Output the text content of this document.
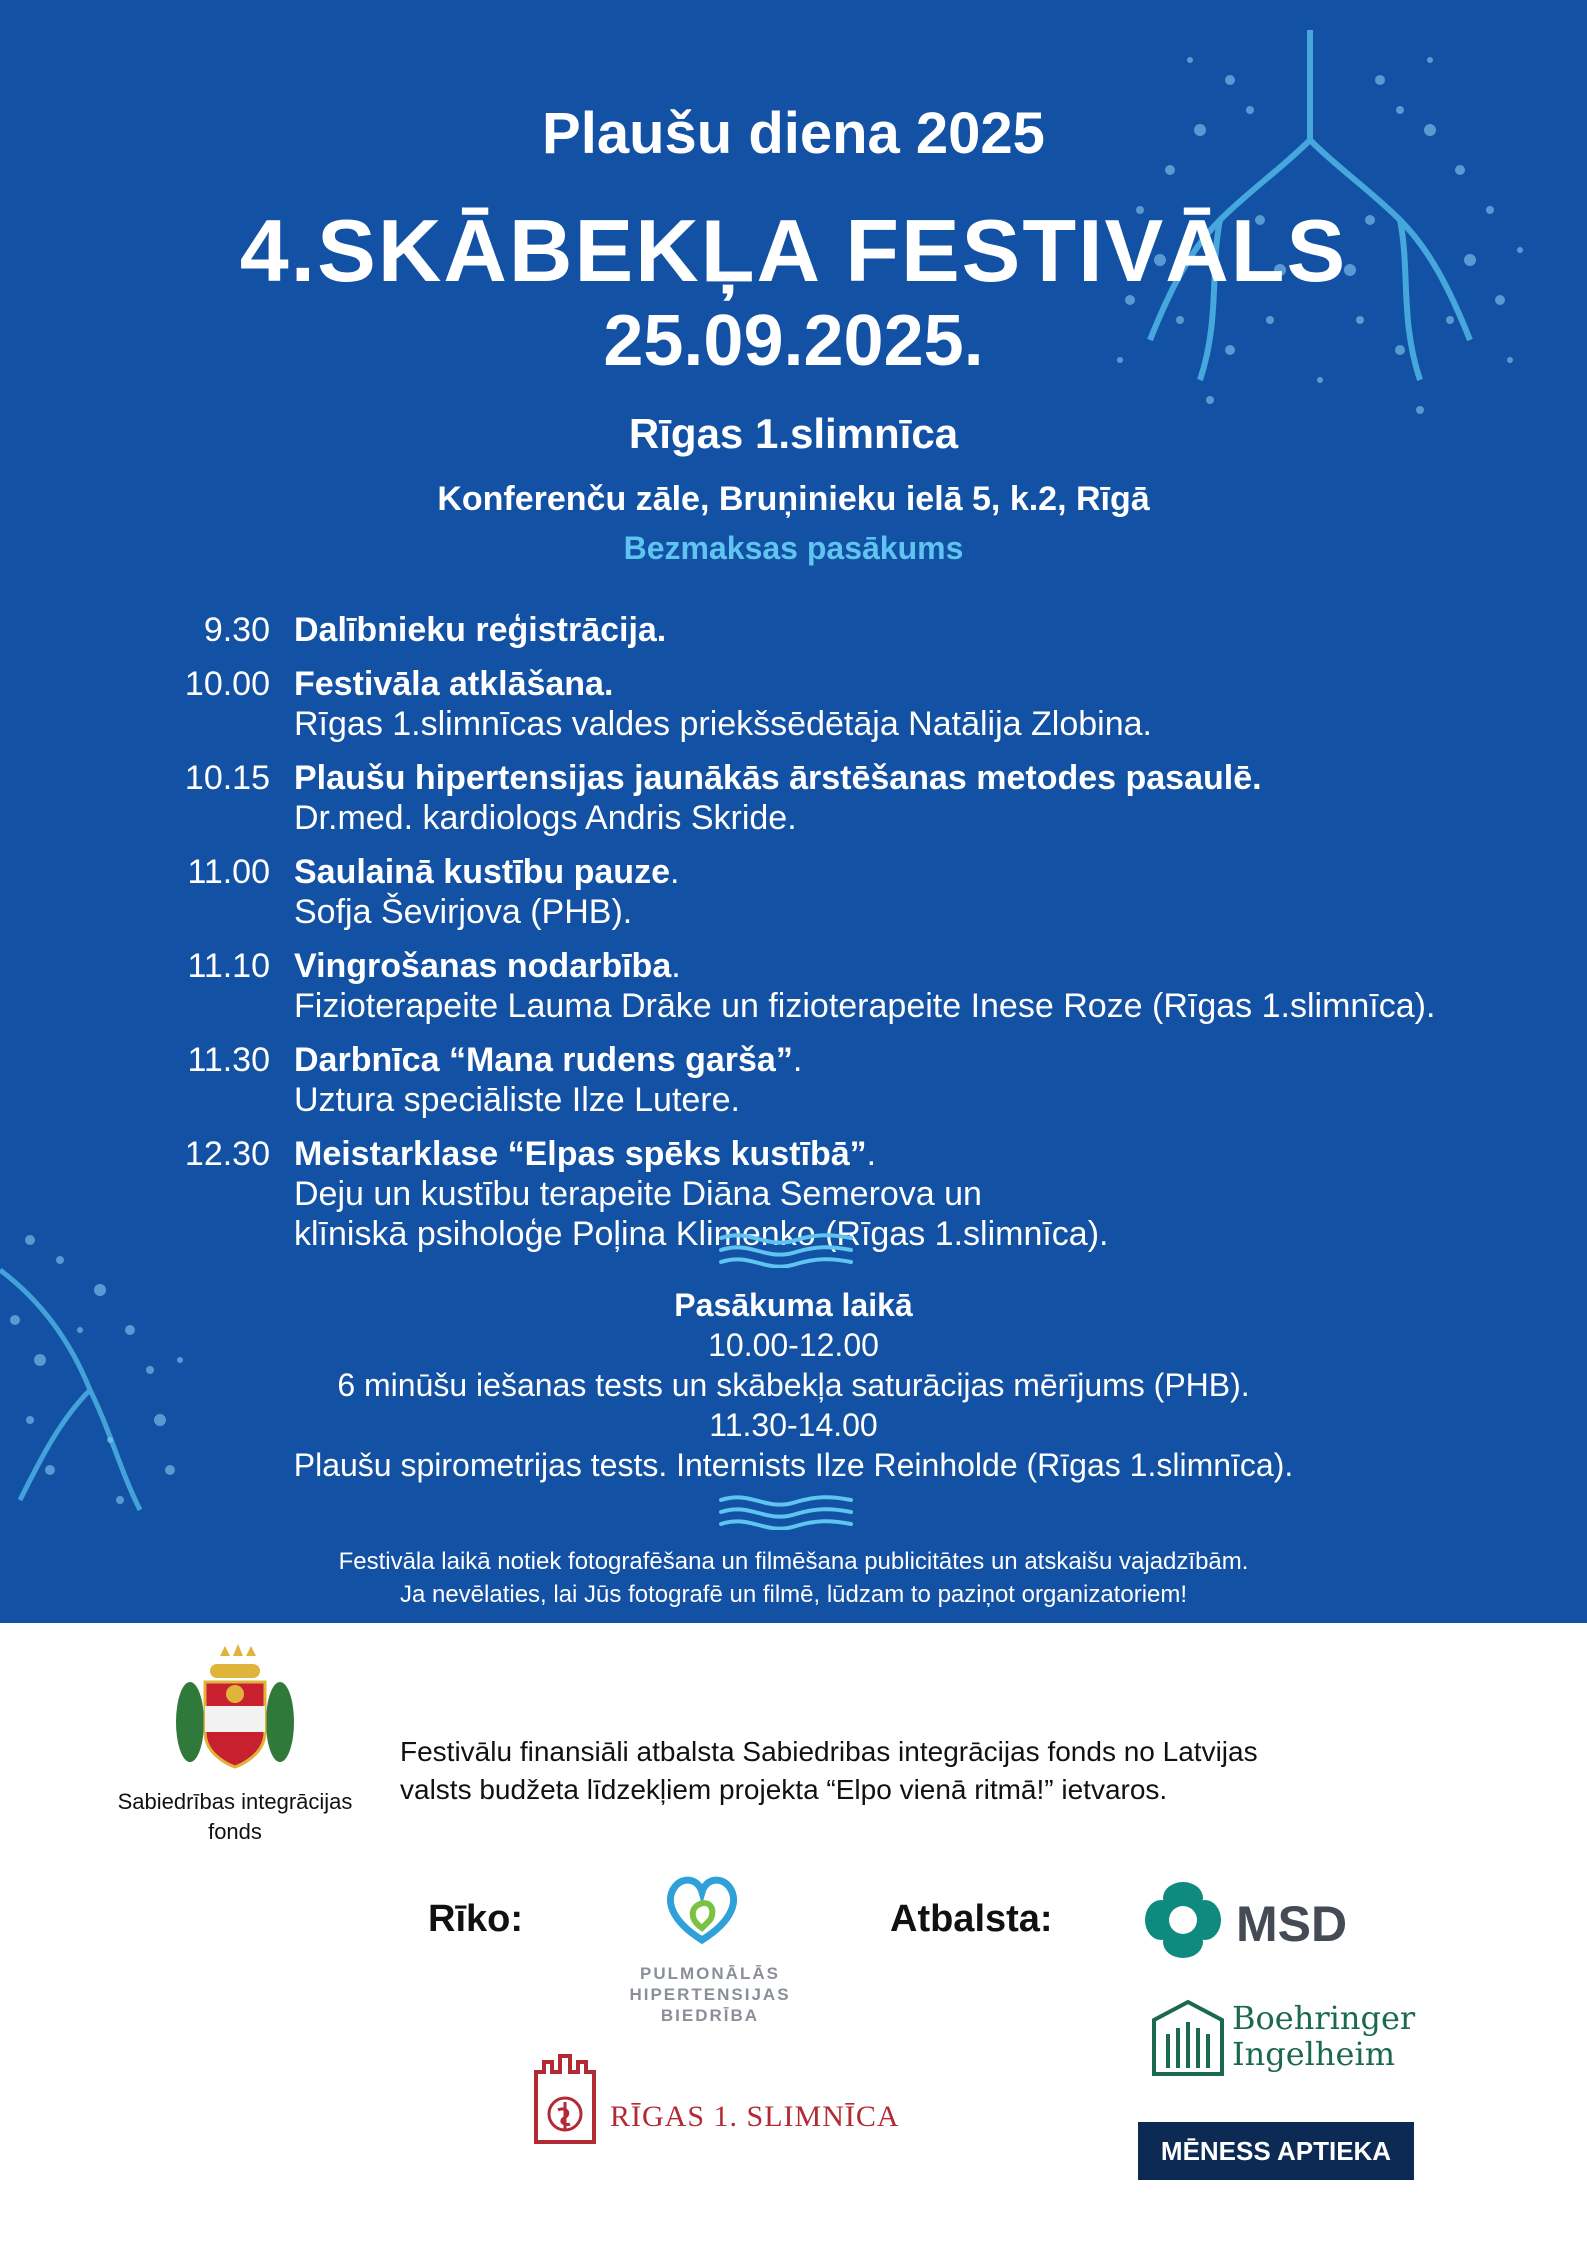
Plaušu diena 2025
4.SKĀBEKĻA FESTIVĀLS
25.09.2025.
Rīgas 1.slimnīca
Konferenču zāle, Bruņinieku ielā 5, k.2, Rīgā
Bezmaksas pasākums
9.30 Dalībnieku reģistrācija.
10.00 Festivāla atklāšana.
Rīgas 1.slimnīcas valdes priekšsēdētāja Natālija Zlobina.
10.15 Plaušu hipertensijas jaunākās ārstēšanas metodes pasaulē.
Dr.med. kardiologs Andris Skride.
11.00 Saulainā kustību pauze.
Sofja Ševirjova (PHB).
11.10 Vingrošanas nodarbība.
Fizioterapeite Lauma Drāke un fizioterapeite Inese Roze (Rīgas 1.slimnīca).
11.30 Darbnīca “Mana rudens garša”.
Uztura speciāliste Ilze Lutere.
12.30 Meistarklase “Elpas spēks kustībā”.
Deju un kustību terapeite Diāna Semerova un
klīniskā psiholoģe Poļina Klimenko (Rīgas 1.slimnīca).
Pasākuma laikā
10.00-12.00
6 minūšu iešanas tests un skābekļa saturācijas mērījums (PHB).
11.30-14.00
Plaušu spirometrijas tests. Internists Ilze Reinholde (Rīgas 1.slimnīca).
Festivāla laikā notiek fotografēšana un filmēšana publicitātes un atskaišu vajadzībām.
Ja nevēlaties, lai Jūs fotografē un filmē, lūdzam to paziņot organizatoriem!
Sabiedrības integrācijas
fonds
Festivālu finansiāli atbalsta Sabiedribas integrācijas fonds no Latvijas
valsts budžeta līdzekļiem projekta “Elpo vienā ritmā!” ietvaros.
Rīko:	Atbalsta:
PULMONĀLĀS
HIPERTENSIJAS
BIEDRĪBA
RĪGAS 1. SLIMNĪCA
MSD
Boehringer
Ingelheim
MĒNESS APTIEKA
